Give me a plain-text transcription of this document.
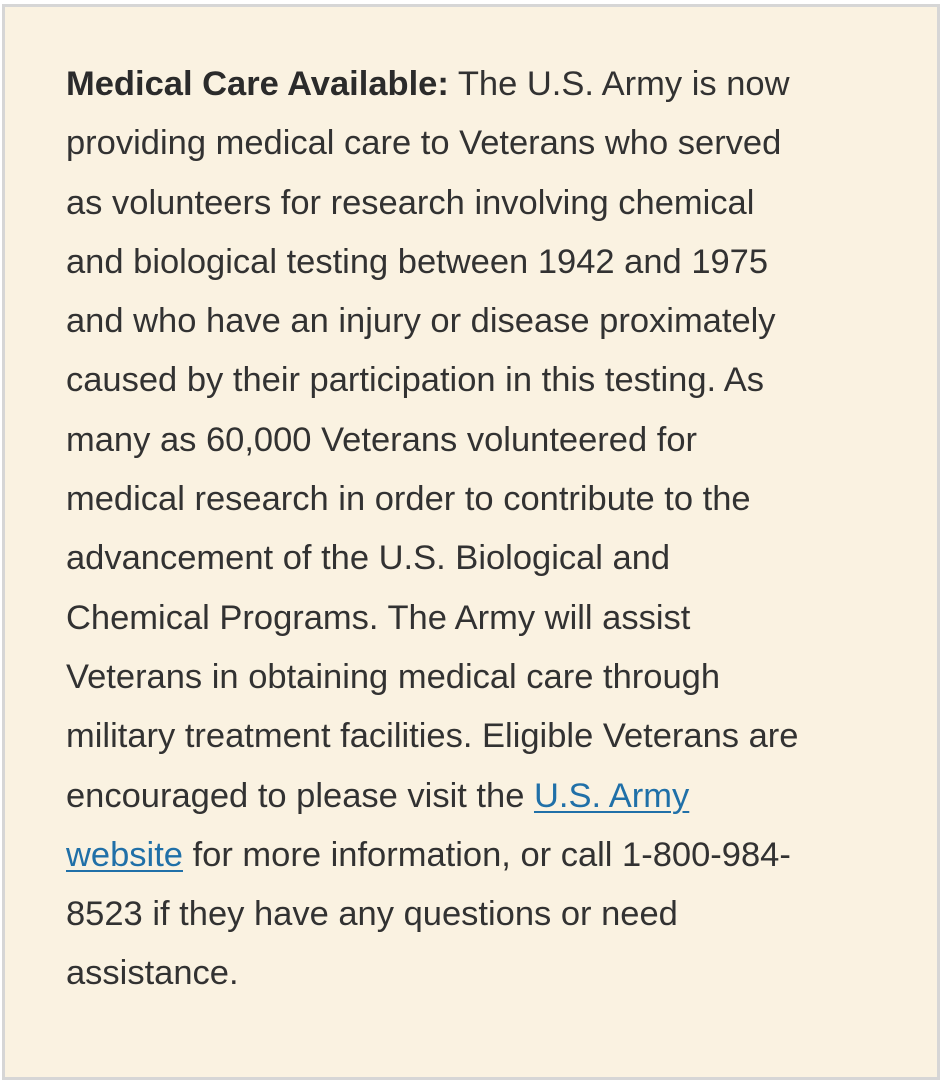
Medical Care Available: The U.S. Army is now
providing medical care to Veterans who served
as volunteers for research involving chemical
and biological testing between 1942 and 1975
and who have an injury or disease proximately
caused by their participation in this testing. As
many as 60,000 Veterans volunteered for
medical research in order to contribute to the
advancement of the U.S. Biological and
Chemical Programs. The Army will assist
Veterans in obtaining medical care through
military treatment facilities. Eligible Veterans are
encouraged to please visit the U.S. Army
website for more information, or call 1-800-984-
8523 if they have any questions or need
assistance.
